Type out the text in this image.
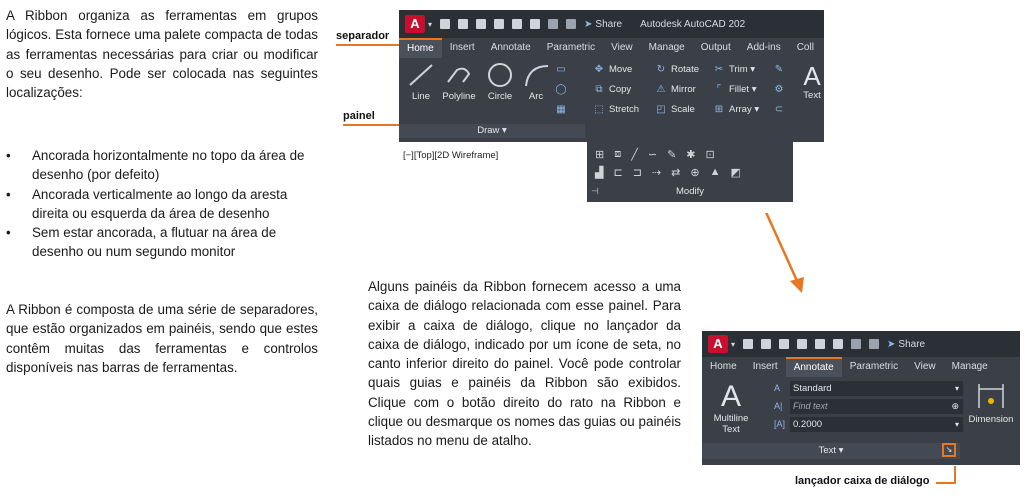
A Ribbon organiza as ferramentas em grupos lógicos. Esta fornece uma palete compacta de todas as ferramentas necessárias para criar ou modificar o seu desenho. Pode ser colocada nas seguintes localizações:
• Ancorada horizontalmente no topo da área de desenho (por defeito)
• Ancorada verticalmente ao longo da aresta direita ou esquerda da área de desenho
• Sem estar ancorada, a flutuar na área de desenho ou num segundo monitor
A Ribbon é composta de uma série de separadores, que estão organizados em painéis, sendo que estes contêm muitas das ferramentas e controlos disponíveis nas barras de ferramentas.
Alguns painéis da Ribbon fornecem acesso a uma caixa de diálogo relacionada com esse painel. Para exibir a caixa de diálogo, clique no lançador da caixa de diálogo, indicado por um ícone de seta, no canto inferior direito do painel. Você pode controlar quais guias e painéis da Ribbon são exibidos. Clique com o botão direito do rato na Ribbon e clique ou desmarque os nomes das guias ou painéis listados no menu de atalho.
separador
painel
A	▾	➤ Share Autodesk AutoCAD 202
Home	Insert	Annotate	Parametric	View	Manage	Output	Add-ins	Coll
Line	Polyline	Circle	Arc
▭
◯
▦
Draw ▾
✥ Move
⧉ Copy
⬚ Stretch
↻ Rotate
⚠ Mirror
◰ Scale
✂ Trim ▾
⌜ Fillet ▾
⊞ Array ▾
✎
⚙
⊂
A
Text
[−][Top][2D Wireframe]	⊞ ⧈ ╱ ∽ ✎ ✱ ⊡
▟ ⊏ ⊐ ⇢ ⇄ ⊕ ▲ ◩
⊣	Modify
A	▾	➤ Share
Home	Insert	Annotate	Parametric	View	Manage
A
Multiline
Text
A	Standard	▾
A|	Find text	⊕
[A] 0.2000	▾	Dimension
Text ▾	↘
lançador caixa de diálogo
